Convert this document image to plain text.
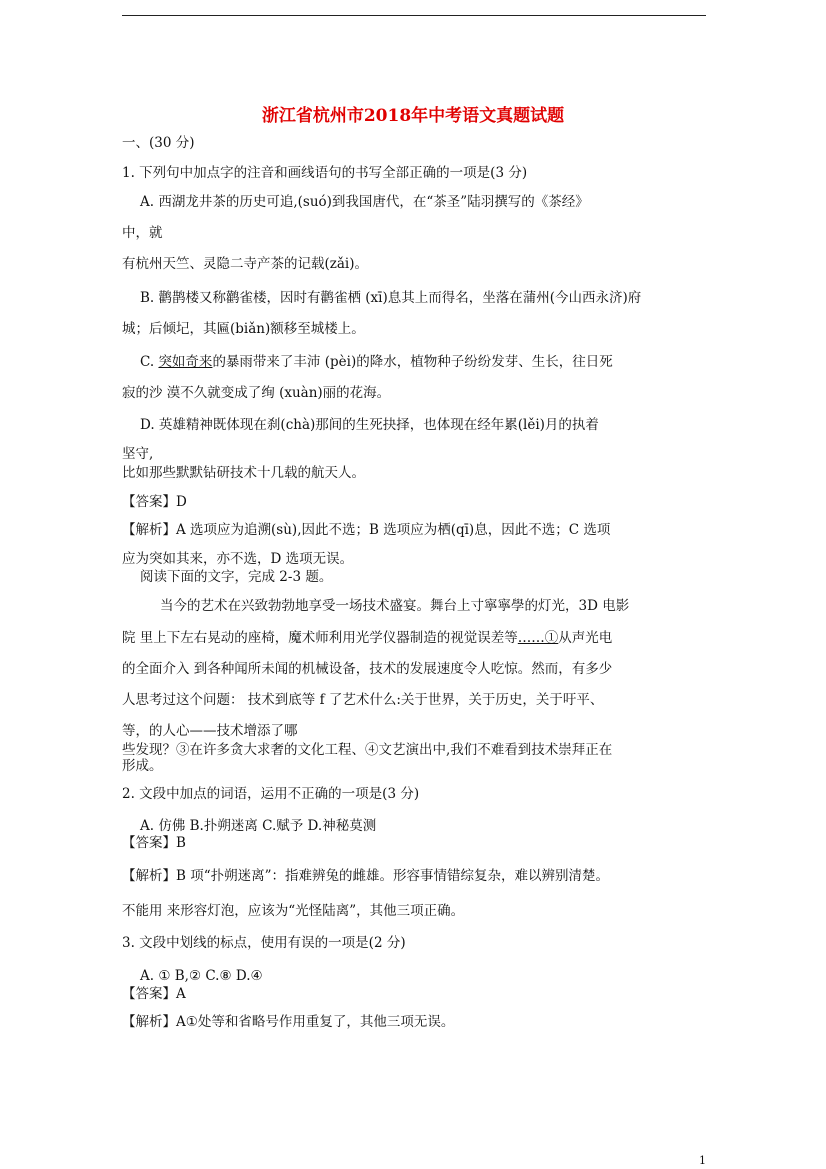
浙江省杭州市2018年中考语文真题试题
一、(30 分)
1. 下列句中加点字的注音和画线语句的书写全部正确的一项是(3 分)
A. 西湖龙井茶的历史可追,(suó)到我国唐代，在“茶圣”陆羽撰写的《茶经》
中，就
有杭州天竺、灵隐二寺产茶的记载(zǎi)。
B. 鹳鹊楼又称鹳雀楼，因时有鹳雀栖 (xī)息其上而得名，坐落在蒲州(今山西永济)府
城；后倾圮，其匾(biǎn)额移至城楼上。
C. 突如奇来的暴雨带来了丰沛 (pèi)的降水，植物种子纷纷发芽、生长，往日死
寂的沙 漠不久就变成了绚 (xuàn)丽的花海。
D. 英雄精神既体现在刹(chà)那间的生死抉择，也体现在经年累(lěi)月的执着
坚守,
比如那些默默钻研技术十几载的航天人。
【答案】D
【解析】A 选项应为追溯(sù),因此不选；B 选项应为栖(qī)息，因此不选；C 选项
应为突如其来，亦不选，D 选项无误。
阅读下面的文字，完成 2-3 题。
当今的艺术在兴致勃勃地享受一场技术盛宴。舞台上寸寧寧學的灯光，3D 电影
院 里上下左右晃动的座椅，魔术师利用光学仪器制造的视觉误差等……①从声光电
的全面介入 到各种闻所未闻的机械设备，技术的发展速度令人吃惊。然而，有多少
人思考过这个问题： 技术到底等 f 了艺术什么:关于世界，关于历史，关于吁平、
等，的人心——技术增添了哪
些发现？③在许多贪大求奢的文化工程、④文艺演出中,我们不难看到技术崇拜正在
形成。
2. 文段中加点的词语，运用不正确的一项是(3 分)
A. 仿佛 B.扑朔迷离 C.赋予 D.神秘莫测
【答案】B
【解析】B 项“扑朔迷离”：指难辨兔的雌雄。形容事情错综复杂，难以辨别清楚。
不能用 来形容灯泡，应该为“光怪陆离”，其他三项正确。
3. 文段中划线的标点，使用有误的一项是(2 分)
A. ① B,② C.⑧ D.④
【答案】A
【解析】A①处等和省略号作用重复了，其他三项无误。
1
